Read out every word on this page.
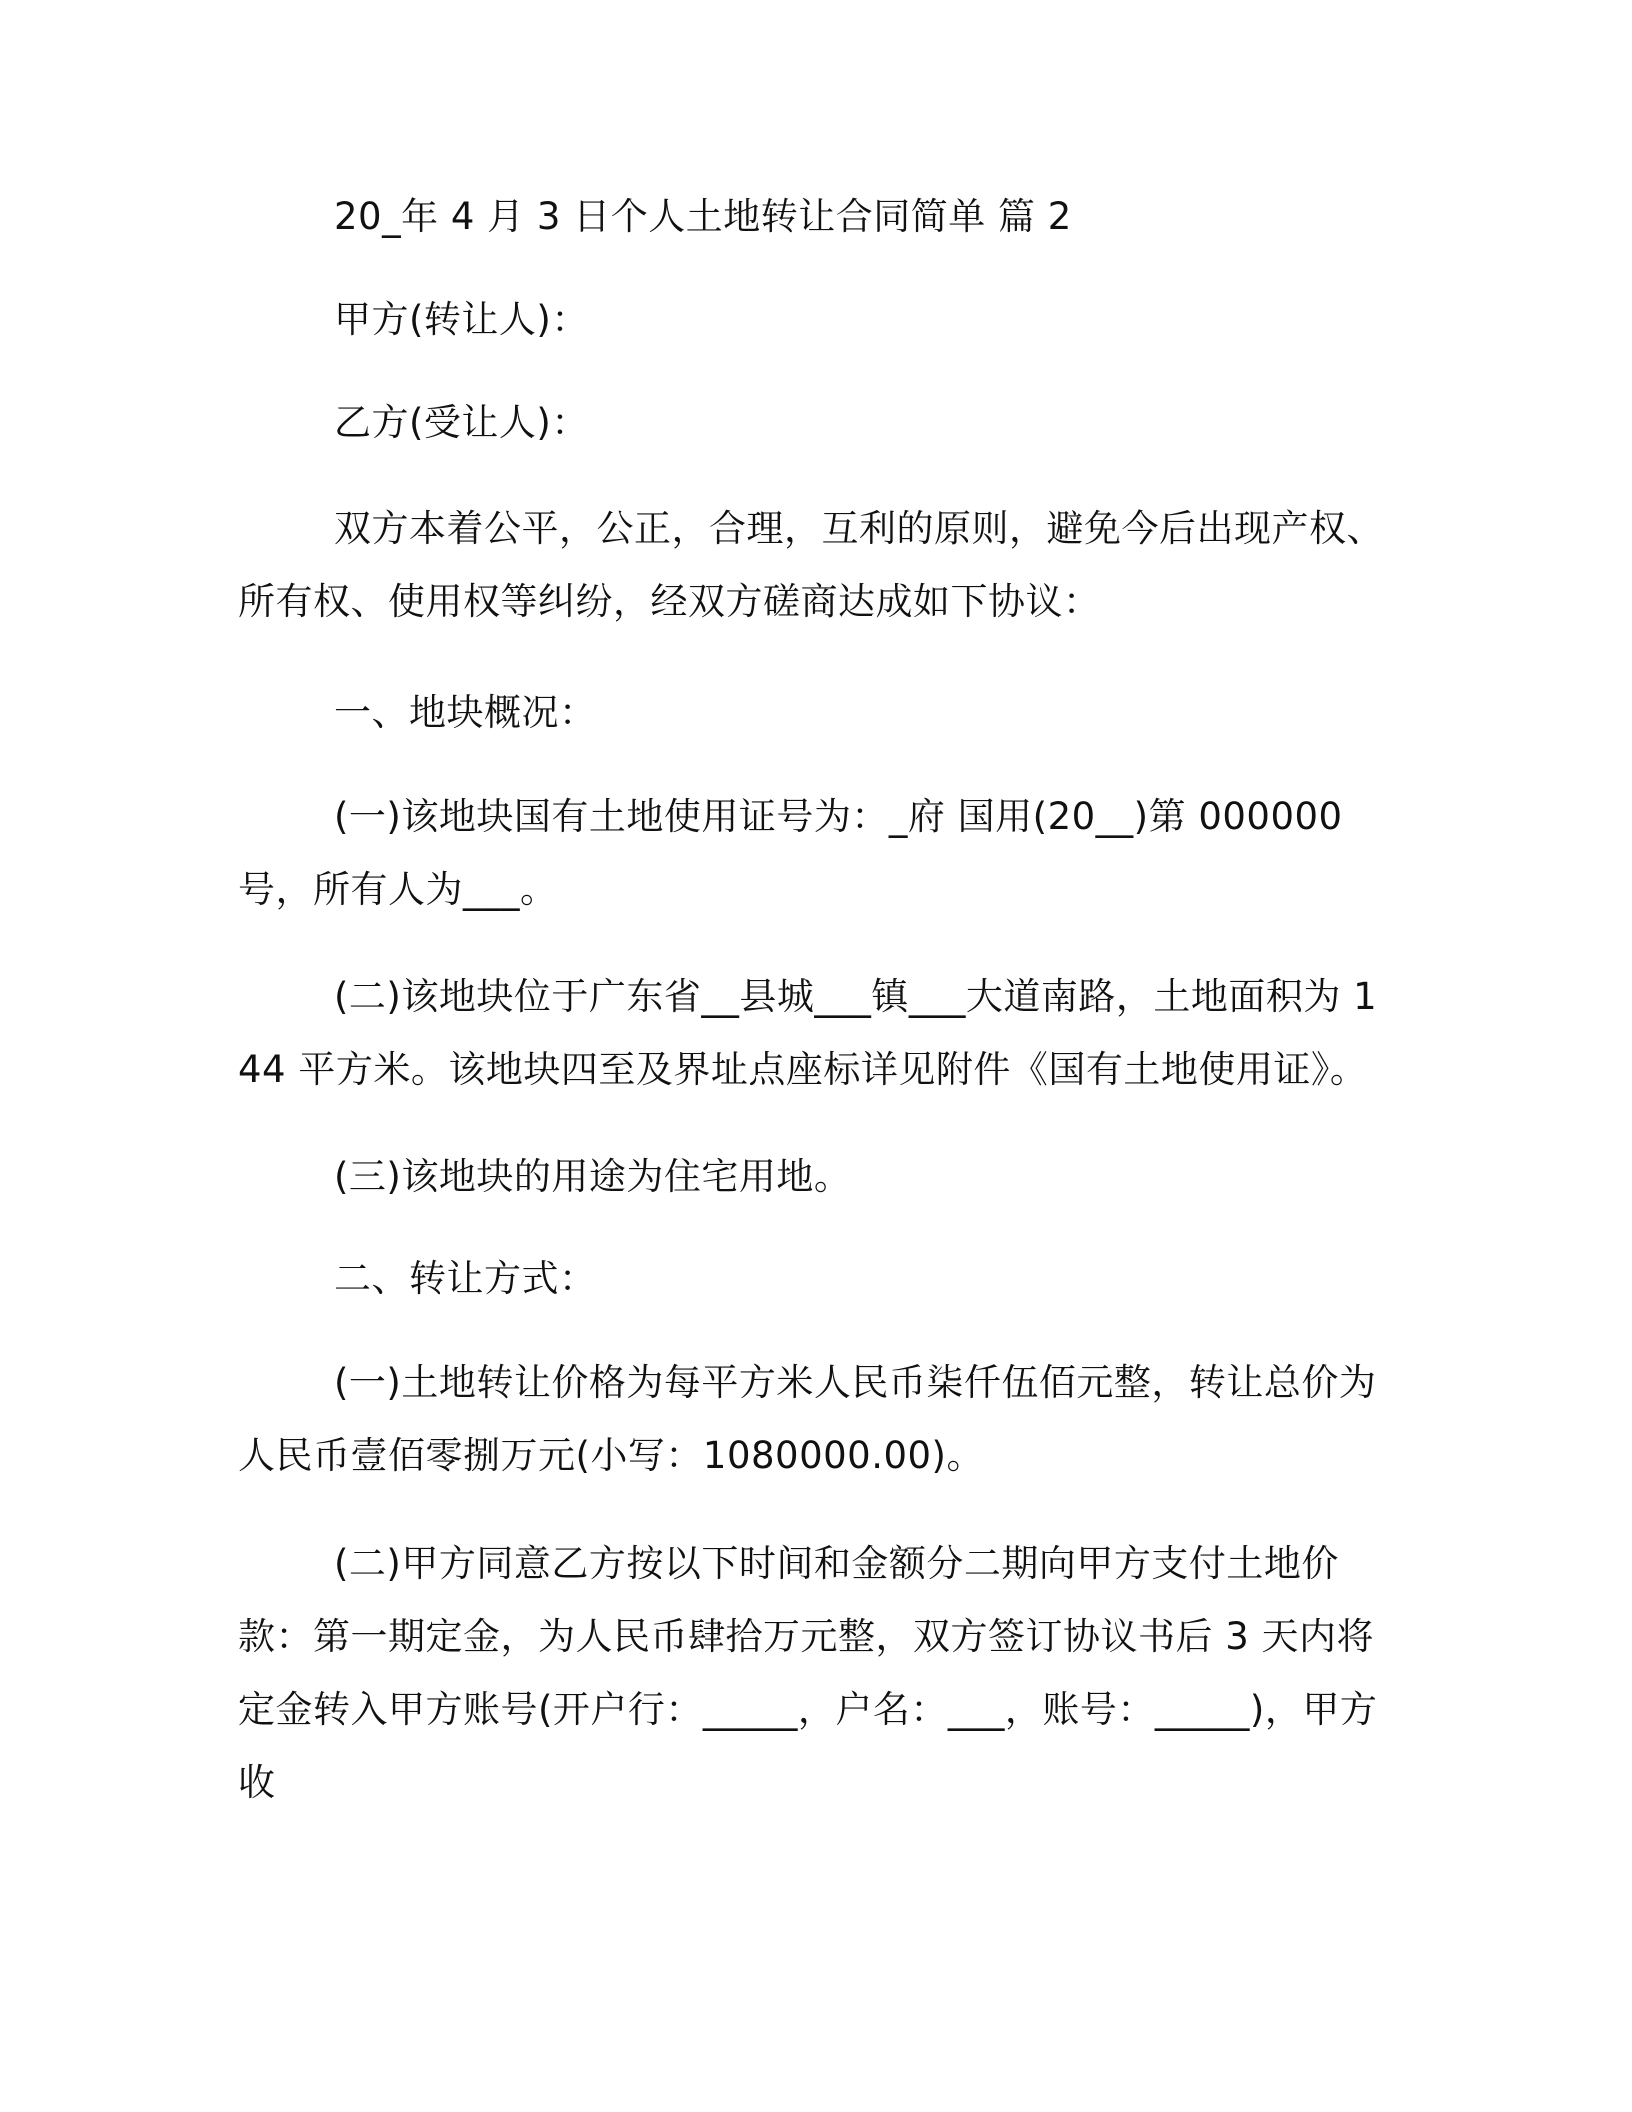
20_年 4 月 3 日个人土地转让合同简单 篇 2

甲方(转让人)：

乙方(受让人)：

双方本着公平，公正，合理，互利的原则，避免今后出现产权、所有权、使用权等纠纷，经双方磋商达成如下协议：

一、地块概况：

(一)该地块国有土地使用证号为：_府 国用(20__)第 000000 号，所有人为___。

(二)该地块位于广东省__县城___镇___大道南路，土地面积为 144 平方米。该地块四至及界址点座标详见附件《国有土地使用证》。

(三)该地块的用途为住宅用地。

二、转让方式：

(一)土地转让价格为每平方米人民币柒仟伍佰元整，转让总价为人民币壹佰零捌万元(小写：1080000.00)。

(二)甲方同意乙方按以下时间和金额分二期向甲方支付土地价款：第一期定金，为人民币肆拾万元整，双方签订协议书后 3 天内将定金转入甲方账号(开户行：_____，户名：___，账号：_____)，甲方收
